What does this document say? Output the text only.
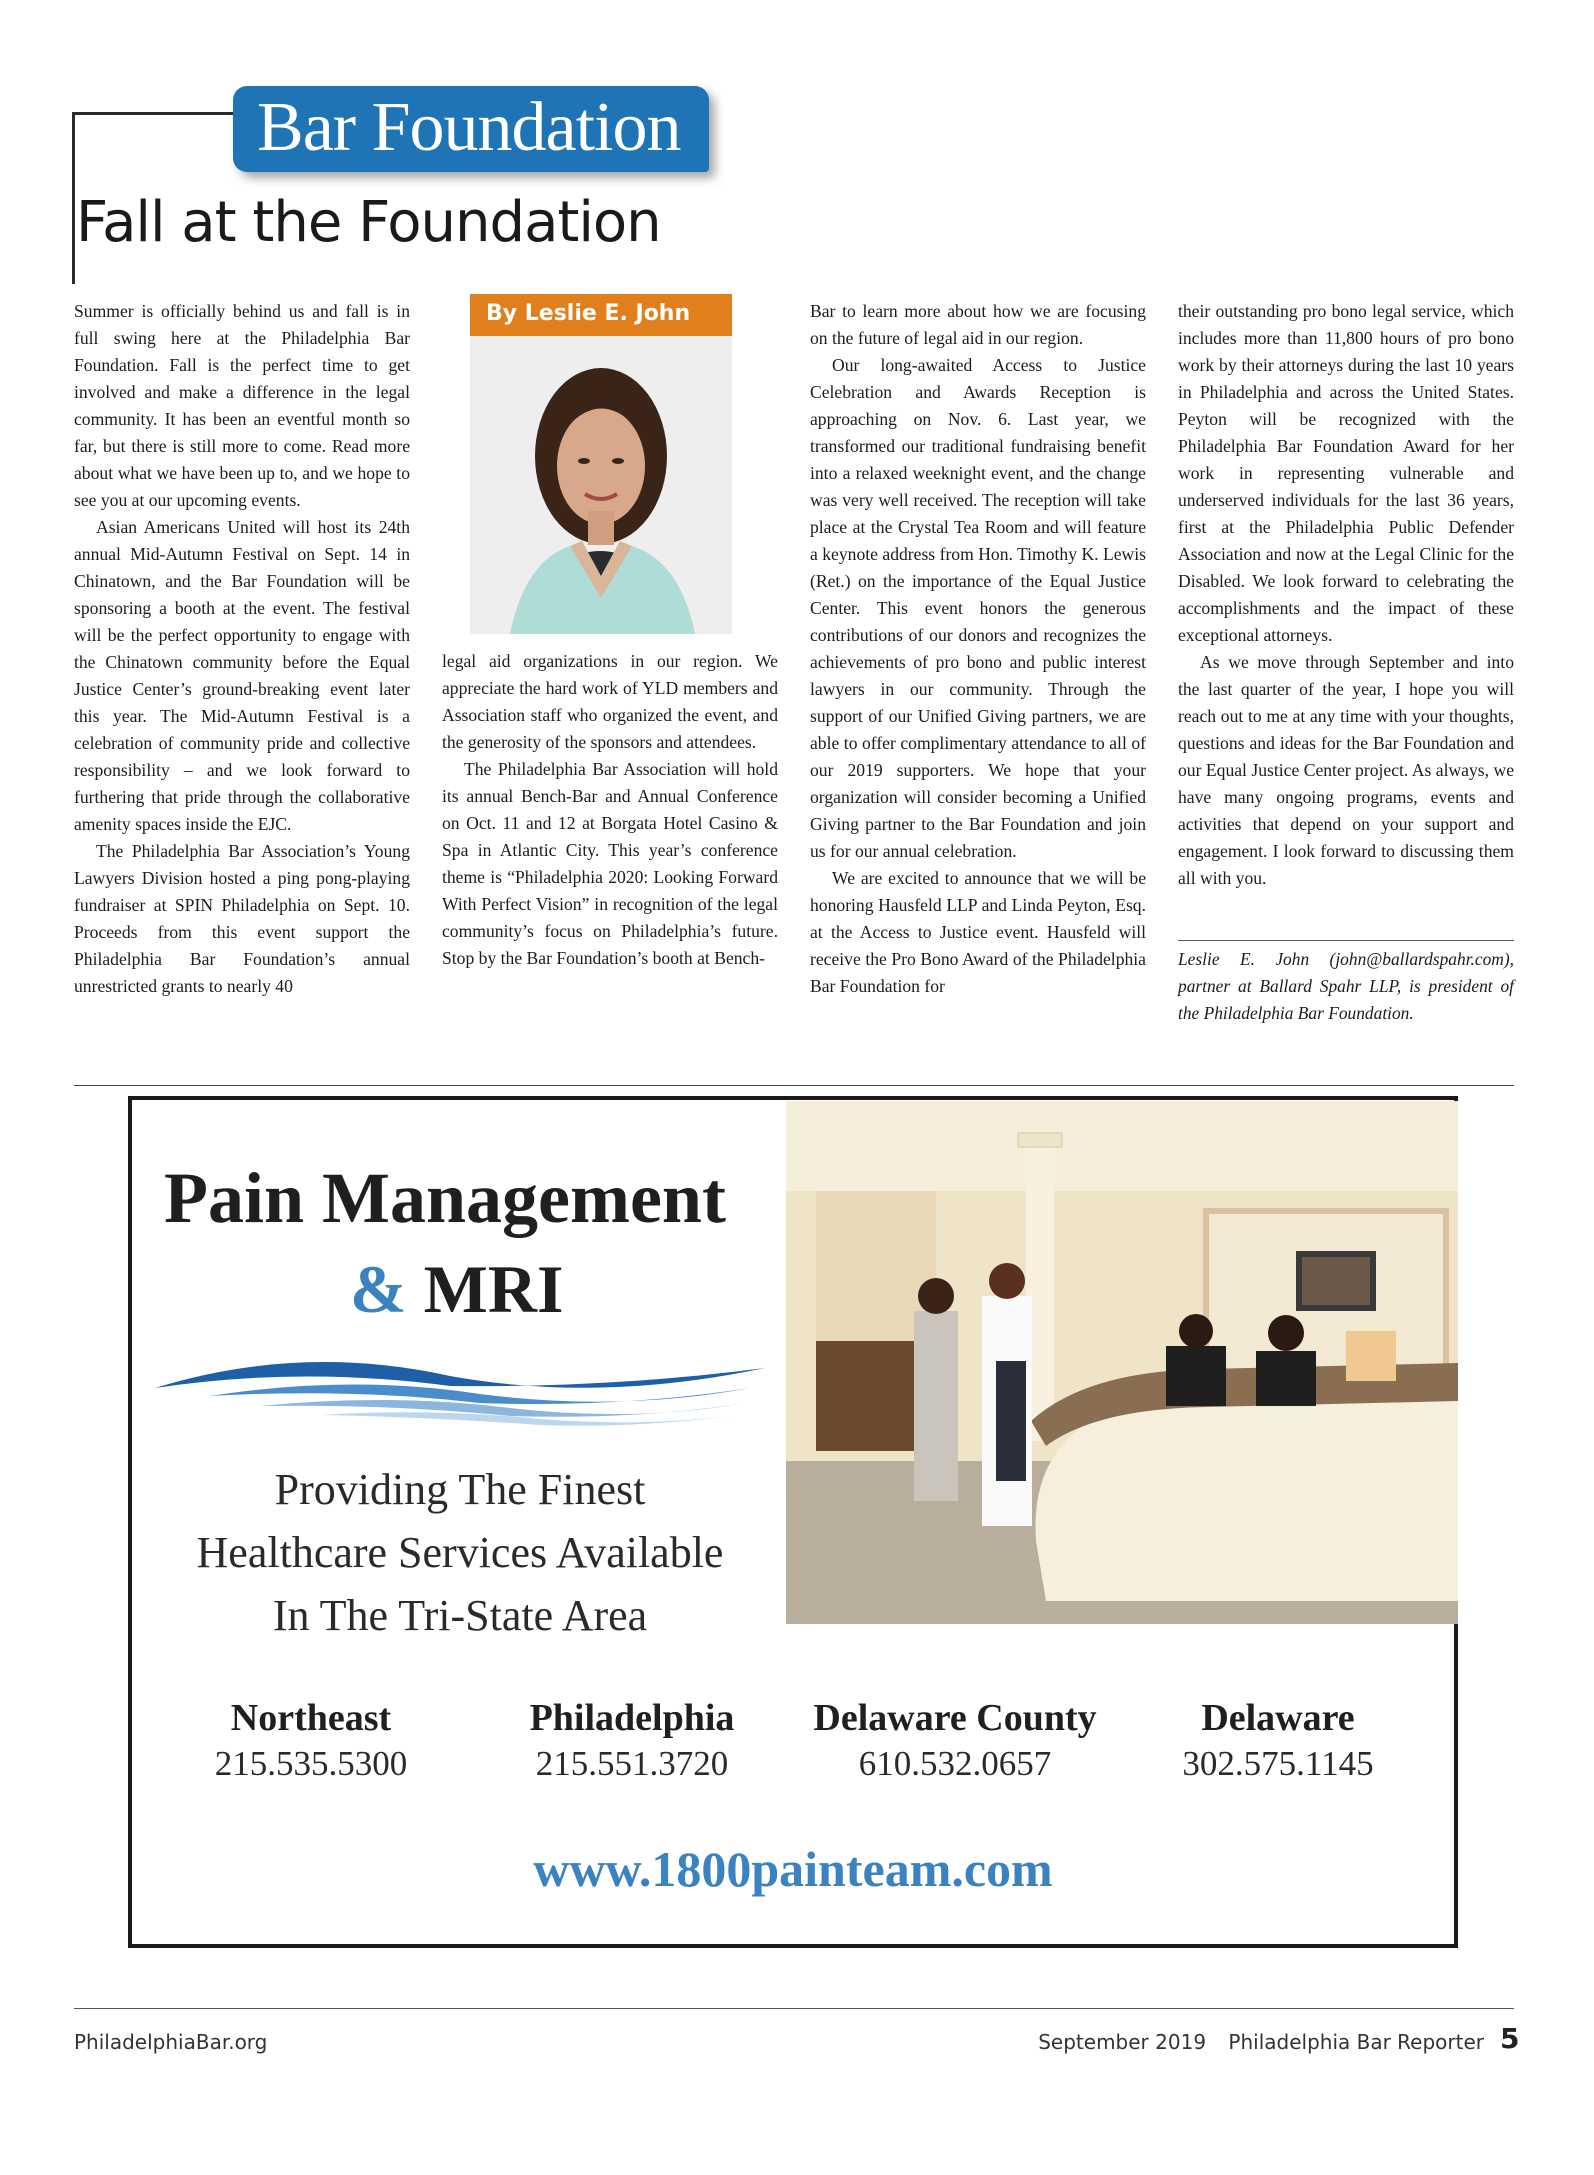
Bar Foundation
Fall at the Foundation
By Leslie E. John

Summer is officially behind us and fall is in full swing here at the Philadelphia Bar Foundation. Fall is the perfect time to get involved and make a difference in the legal community. It has been an eventful month so far, but there is still more to come. Read more about what we have been up to, and we hope to see you at our upcoming events.

Asian Americans United will host its 24th annual Mid-Autumn Festival on Sept. 14 in Chinatown, and the Bar Foundation will be sponsoring a booth at the event. The festival will be the perfect opportunity to engage with the Chinatown community before the Equal Justice Center’s ground-breaking event later this year. The Mid-Autumn Festival is a celebration of community pride and collective responsibility – and we look forward to furthering that pride through the collaborative amenity spaces inside the EJC.

The Philadelphia Bar Association’s Young Lawyers Division hosted a ping pong-playing fundraiser at SPIN Philadelphia on Sept. 10. Proceeds from this event support the Philadelphia Bar Foundation’s annual unrestricted grants to nearly 40

legal aid organizations in our region. We appreciate the hard work of YLD members and Association staff who organized the event, and the generosity of the sponsors and attendees.

The Philadelphia Bar Association will hold its annual Bench-Bar and Annual Conference on Oct. 11 and 12 at Borgata Hotel Casino & Spa in Atlantic City. This year’s conference theme is “Philadelphia 2020: Looking Forward With Perfect Vision” in recognition of the legal community’s focus on Philadelphia’s future. Stop by the Bar Foundation’s booth at Bench-

Bar to learn more about how we are focusing on the future of legal aid in our region.

Our long-awaited Access to Justice Celebration and Awards Reception is approaching on Nov. 6. Last year, we transformed our traditional fundraising benefit into a relaxed weeknight event, and the change was very well received. The reception will take place at the Crystal Tea Room and will feature a keynote address from Hon. Timothy K. Lewis (Ret.) on the importance of the Equal Justice Center. This event honors the generous contributions of our donors and recognizes the achievements of pro bono and public interest lawyers in our community. Through the support of our Unified Giving partners, we are able to offer complimentary attendance to all of our 2019 supporters. We hope that your organization will consider becoming a Unified Giving partner to the Bar Foundation and join us for our annual celebration.

We are excited to announce that we will be honoring Hausfeld LLP and Linda Peyton, Esq. at the Access to Justice event. Hausfeld will receive the Pro Bono Award of the Philadelphia Bar Foundation for

their outstanding pro bono legal service, which includes more than 11,800 hours of pro bono work by their attorneys during the last 10 years in Philadelphia and across the United States. Peyton will be recognized with the Philadelphia Bar Foundation Award for her work in representing vulnerable and underserved individuals for the last 36 years, first at the Philadelphia Public Defender Association and now at the Legal Clinic for the Disabled. We look forward to celebrating the accomplishments and the impact of these exceptional attorneys.

As we move through September and into the last quarter of the year, I hope you will reach out to me at any time with your thoughts, questions and ideas for the Bar Foundation and our Equal Justice Center project. As always, we have many ongoing programs, events and activities that depend on your support and engagement. I look forward to discussing them all with you.

Leslie E. John (john@ballardspahr.com), partner at Ballard Spahr LLP, is president of the Philadelphia Bar Foundation.
Pain Management
& MRI
Providing The Finest
Healthcare Services Available
In The Tri-State Area
Northeast
215.535.5300
Philadelphia
215.551.3720
Delaware County
610.532.0657
Delaware
302.575.1145
www.1800painteam.com
PhiladelphiaBar.org	September 2019 Philadelphia Bar Reporter 5
